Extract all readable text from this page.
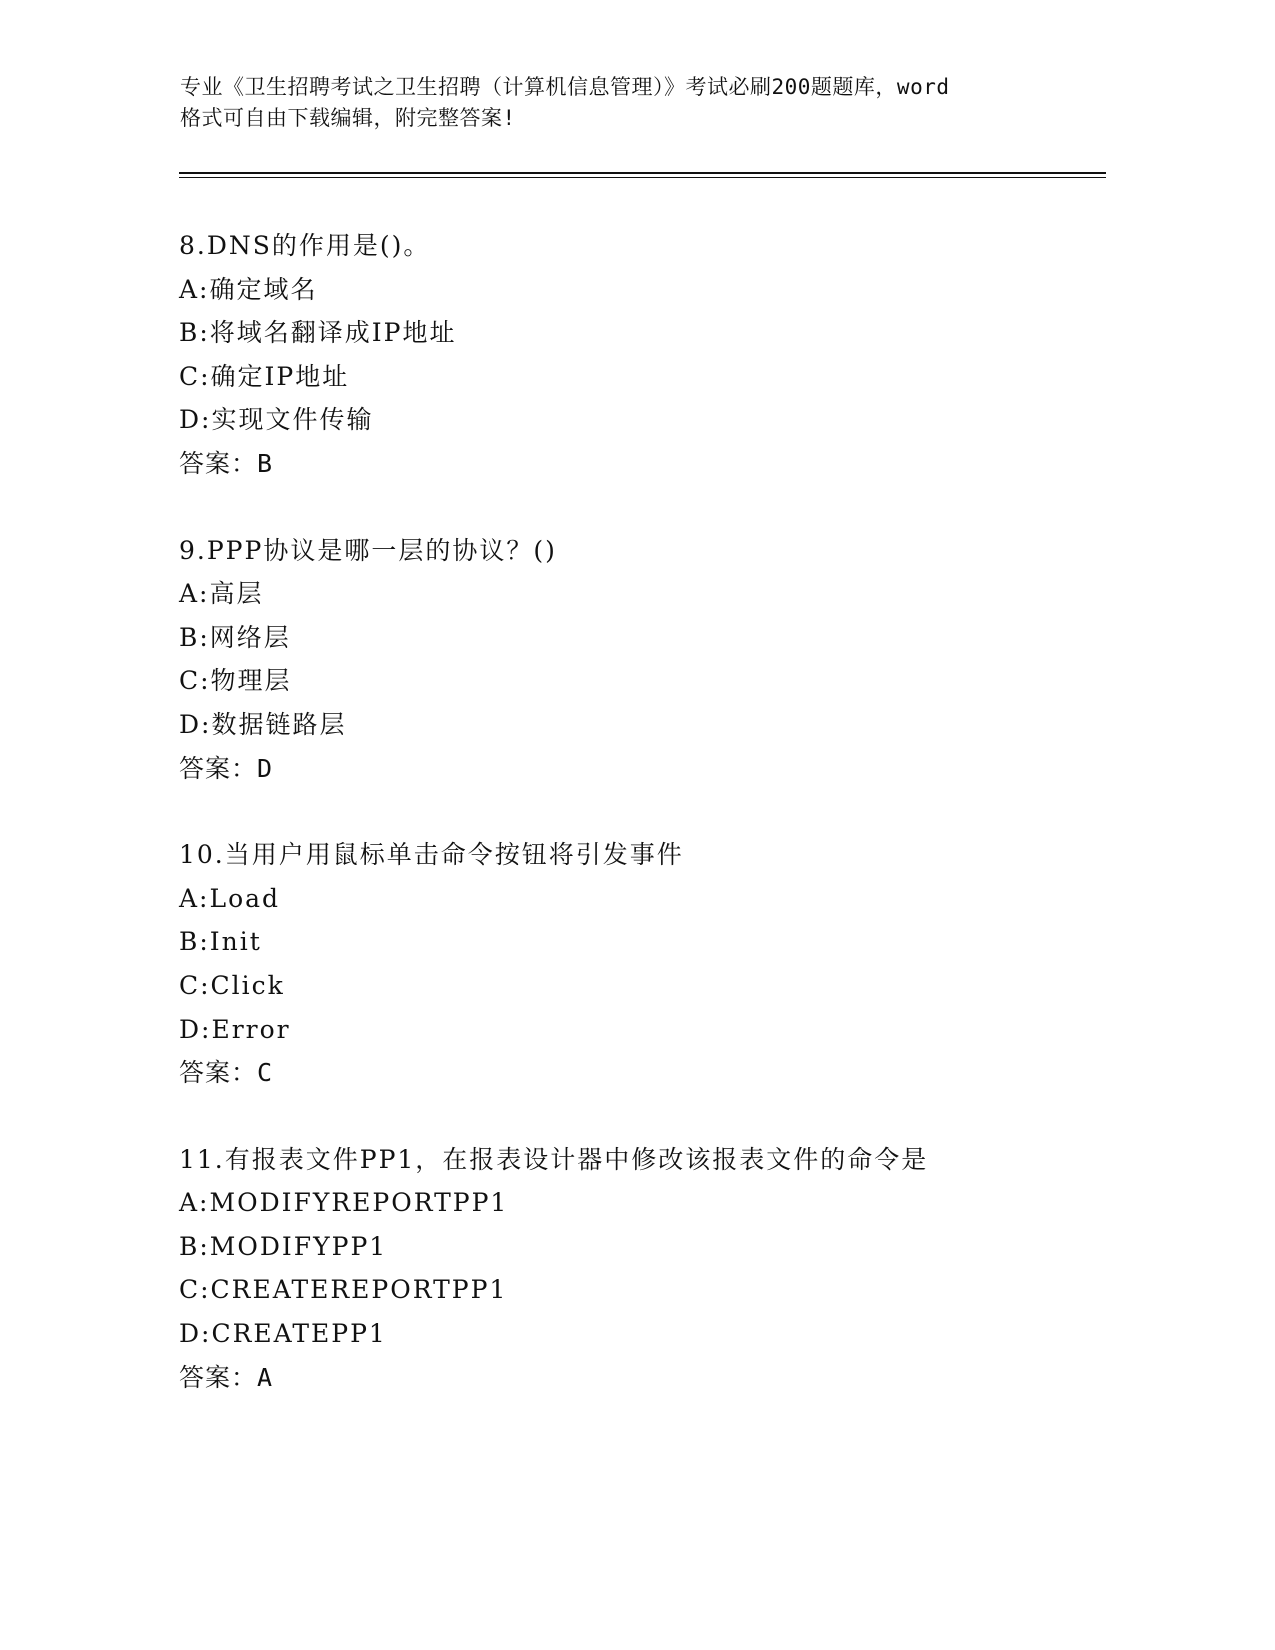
专业《卫生招聘考试之卫生招聘（计算机信息管理）》考试必刷200题题库，word
格式可自由下载编辑，附完整答案!
8.DNS的作用是()。
A:确定域名
B:将域名翻译成IP地址
C:确定IP地址
D:实现文件传输
答案：B
9.PPP协议是哪一层的协议？()
A:高层
B:网络层
C:物理层
D:数据链路层
答案：D
10.当用户用鼠标单击命令按钮将引发事件
A:Load
B:Init
C:Click
D:Error
答案：C
11.有报表文件PP1，在报表设计器中修改该报表文件的命令是
A:MODIFYREPORTPP1
B:MODIFYPP1
C:CREATEREPORTPP1
D:CREATEPP1
答案：A
